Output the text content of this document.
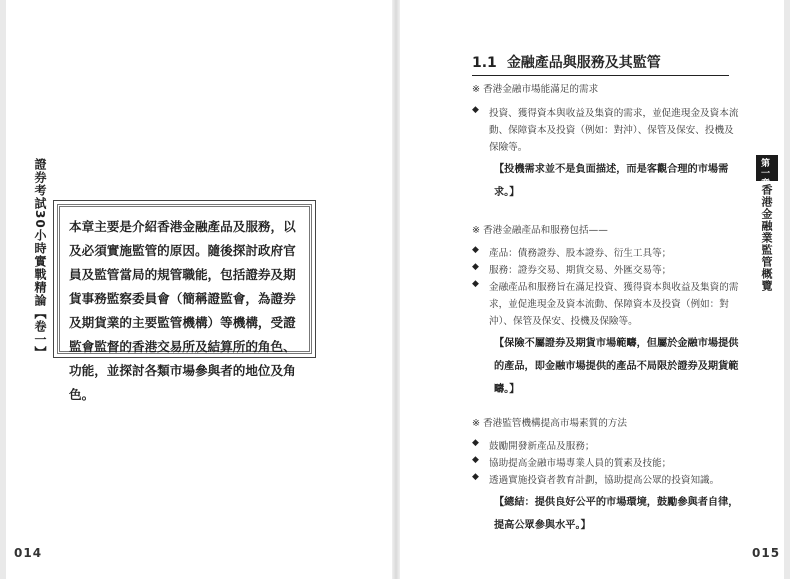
證券考試30小時實戰精論【卷一】 本章主要是介紹香港金融產品及服務，以及必須實施監管的原因。隨後探討政府官員及監管當局的規管職能，包括證券及期貨事務監察委員會（簡稱證監會，為證券及期貨業的主要監管機構）等機構，受證監會監督的香港交易所及結算所的角色、功能，並探討各類市場參與者的地位及角色。

014
1.1 金融產品與服務及其監管

※ 香港金融市場能滿足的需求

◆	投資、獲得資本與收益及集資的需求，並促進現金及資本流動、保障資本及投資（例如：對沖）、保管及保安、投機及保險等。

【投機需求並不是負面描述，而是客觀合理的市場需求。】

※ 香港金融產品和服務包括——

◆	產品：債務證券、股本證券、衍生工具等；
◆	服務：證券交易、期貨交易、外匯交易等；
◆	金融產品和服務旨在滿足投資、獲得資本與收益及集資的需求，並促進現金及資本流動、保障資本及投資（例如：對沖）、保管及保安、投機及保險等。

【保險不屬證券及期貨市場範疇，但屬於金融市場提供的產品，即金融市場提供的產品不局限於證券及期貨範疇。】

※ 香港監管機構提高市場素質的方法

◆	鼓勵開發新產品及服務；
◆	協助提高金融市場專業人員的質素及技能；
◆	透過實施投資者教育計劃，協助提高公眾的投資知識。

【總結：提供良好公平的市場環境，鼓勵參與者自律，提高公眾參與水平。】

第一章
香港金融業監管概覽
015
